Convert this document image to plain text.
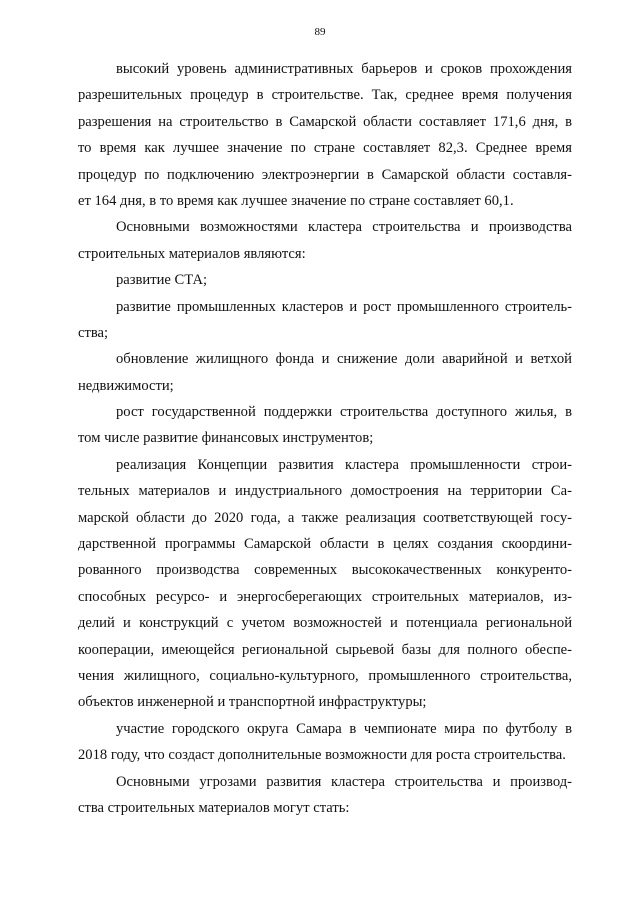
89
высокий уровень административных барьеров и сроков прохождения
разрешительных процедур в строительстве. Так, среднее время получения
разрешения на строительство в Самарской области составляет 171,6 дня, в
то время как лучшее значение по стране составляет 82,3. Среднее время
процедур по подключению электроэнергии в Самарской области составля-
ет 164 дня, в то время как лучшее значение по стране составляет 60,1.
Основными возможностями кластера строительства и производства
строительных материалов являются:
развитие СТА;
развитие промышленных кластеров и рост промышленного строитель-
ства;
обновление жилищного фонда и снижение доли аварийной и ветхой
недвижимости;
рост государственной поддержки строительства доступного жилья, в
том числе развитие финансовых инструментов;
реализация Концепции развития кластера промышленности строи-
тельных материалов и индустриального домостроения на территории Са-
марской области до 2020 года, а также реализация соответствующей госу-
дарственной программы Самарской области в целях создания скоордини-
рованного производства современных высококачественных конкуренто-
способных ресурсо- и энергосберегающих строительных материалов, из-
делий и конструкций с учетом возможностей и потенциала региональной
кооперации, имеющейся региональной сырьевой базы для полного обеспе-
чения жилищного, социально-культурного, промышленного строительства,
объектов инженерной и транспортной инфраструктуры;
участие городского округа Самара в чемпионате мира по футболу в
2018 году, что создаст дополнительные возможности для роста строительства.
Основными угрозами развития кластера строительства и производ-
ства строительных материалов могут стать:
